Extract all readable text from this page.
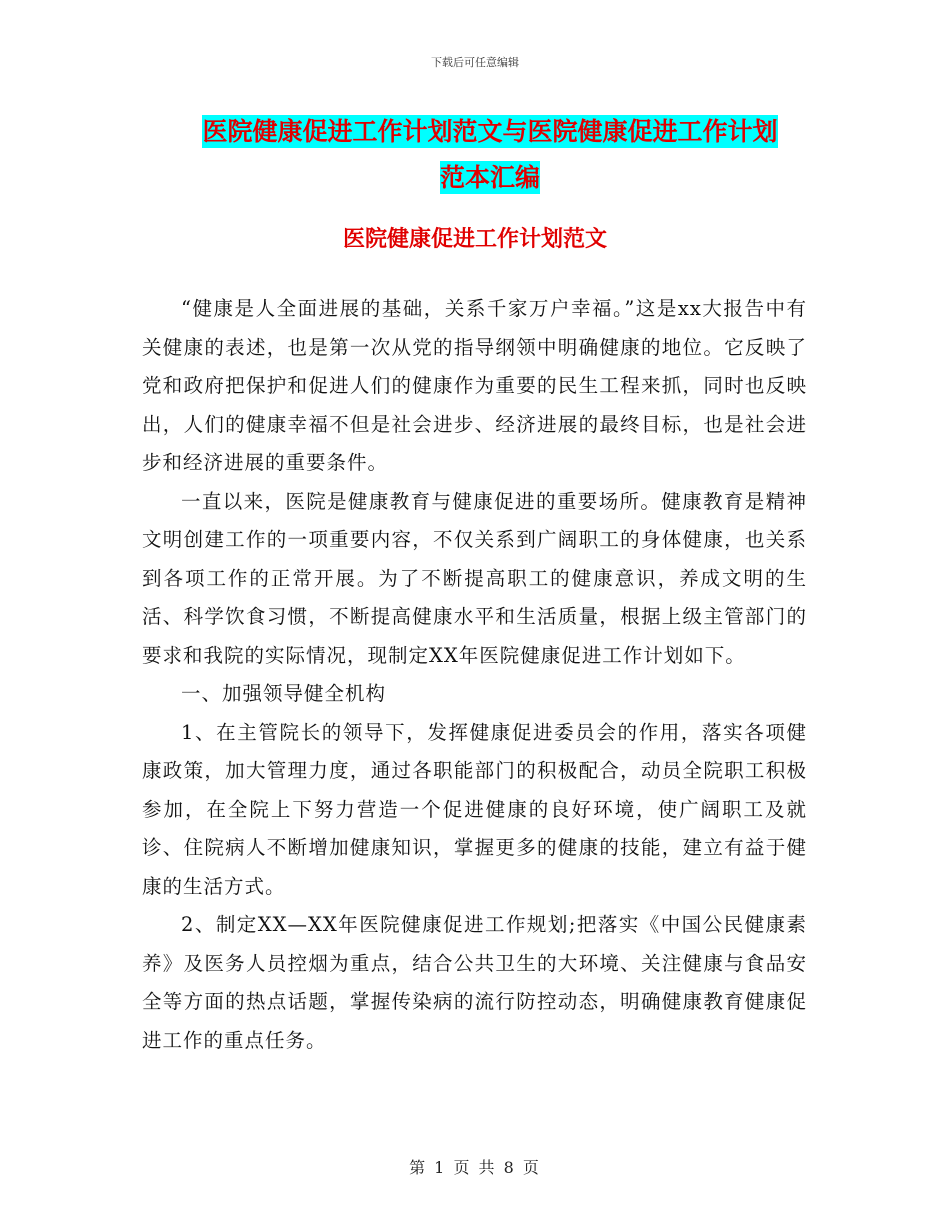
下载后可任意编辑
医院健康促进工作计划范文与医院健康促进工作计划
范本汇编
医院健康促进工作计划范文

“健康是人全面进展的基础，关系千家万户幸福。”这是xx大报告中有关健康的表述，也是第一次从党的指导纲领中明确健康的地位。它反映了党和政府把保护和促进人们的健康作为重要的民生工程来抓，同时也反映出，人们的健康幸福不但是社会进步、经济进展的最终目标，也是社会进步和经济进展的重要条件。

一直以来，医院是健康教育与健康促进的重要场所。健康教育是精神文明创建工作的一项重要内容，不仅关系到广阔职工的身体健康，也关系到各项工作的正常开展。为了不断提高职工的健康意识，养成文明的生活、科学饮食习惯，不断提高健康水平和生活质量，根据上级主管部门的要求和我院的实际情况，现制定XX年医院健康促进工作计划如下。

一、加强领导健全机构

1、在主管院长的领导下，发挥健康促进委员会的作用，落实各项健康政策，加大管理力度，通过各职能部门的积极配合，动员全院职工积极参加，在全院上下努力营造一个促进健康的良好环境，使广阔职工及就诊、住院病人不断增加健康知识，掌握更多的健康的技能，建立有益于健康的生活方式。

2、制定XX—XX年医院健康促进工作规划;把落实《中国公民健康素养》及医务人员控烟为重点，结合公共卫生的大环境、关注健康与食品安全等方面的热点话题，掌握传染病的流行防控动态，明确健康教育健康促进工作的重点任务。

第 1 页 共 8 页
